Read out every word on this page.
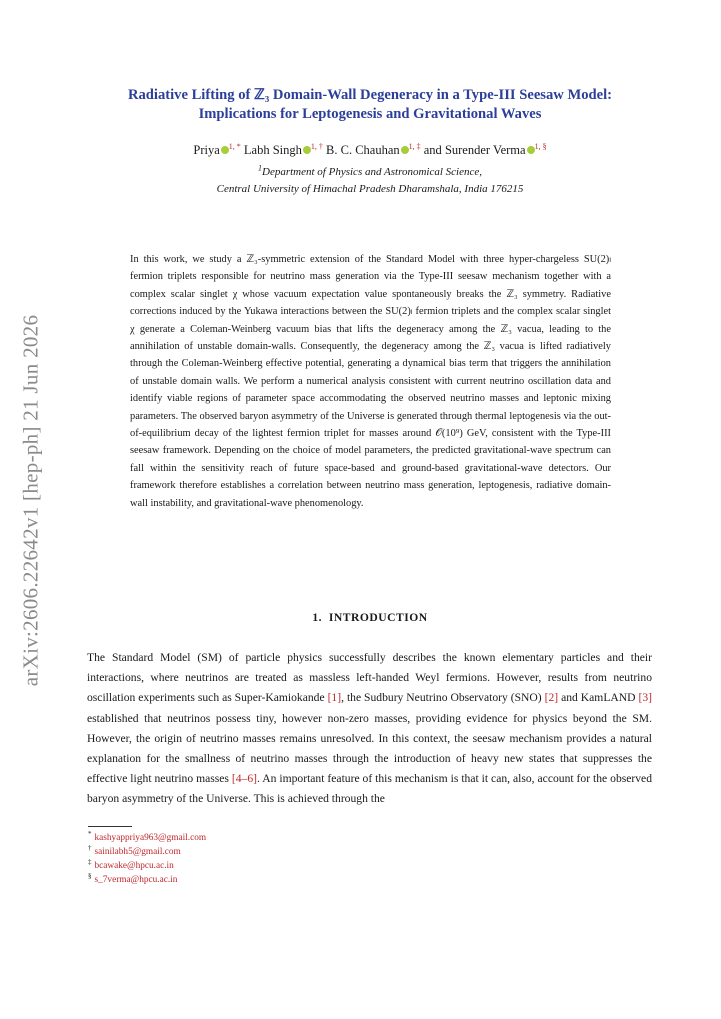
arXiv:2606.22642v1 [hep-ph] 21 Jun 2026
Radiative Lifting of ℤ₃ Domain-Wall Degeneracy in a Type-III Seesaw Model:
Implications for Leptogenesis and Gravitational Waves
Priya $^{1, *}$ Labh Singh $^{1, \dagger}$ B. C. Chauhan $^{1, \ddagger}$ and Surender Verma $^{1, \S}$
$^1$Department of Physics and Astronomical Science,
Central University of Himachal Pradesh Dharamshala, India 176215
In this work, we study a ℤ₃-symmetric extension of the Standard Model with three hyper-chargeless SU(2)ₗ fermion triplets responsible for neutrino mass generation via the Type-III seesaw mechanism together with a complex scalar singlet χ whose vacuum expectation value spontaneously breaks the ℤ₃ symmetry. Radiative corrections induced by the Yukawa interactions between the SU(2)ₗ fermion triplets and the complex scalar singlet χ generate a Coleman-Weinberg vacuum bias that lifts the degeneracy among the ℤ₃ vacua, leading to the annihilation of unstable domain-walls. Consequently, the degeneracy among the ℤ₃ vacua is lifted radiatively through the Coleman-Weinberg effective potential, generating a dynamical bias term that triggers the annihilation of unstable domain walls. We perform a numerical analysis consistent with current neutrino oscillation data and identify viable regions of parameter space accommodating the observed neutrino masses and leptonic mixing parameters. The observed baryon asymmetry of the Universe is generated through thermal leptogenesis via the out-of-equilibrium decay of the lightest fermion triplet for masses around 𝒪(10⁹) GeV, consistent with the Type-III seesaw framework. Depending on the choice of model parameters, the predicted gravitational-wave spectrum can fall within the sensitivity reach of future space-based and ground-based gravitational-wave detectors. Our framework therefore establishes a correlation between neutrino mass generation, leptogenesis, radiative domain-wall instability, and gravitational-wave phenomenology.
1. INTRODUCTION
The Standard Model (SM) of particle physics successfully describes the known elementary particles and their interactions, where neutrinos are treated as massless left-handed Weyl fermions. However, results from neutrino oscillation experiments such as Super-Kamiokande [1], the Sudbury Neutrino Observatory (SNO) [2] and KamLAND [3] established that neutrinos possess tiny, however non-zero masses, providing evidence for physics beyond the SM. However, the origin of neutrino masses remains unresolved. In this context, the seesaw mechanism provides a natural explanation for the smallness of neutrino masses through the introduction of heavy new states that suppresses the effective light neutrino masses [4–6]. An important feature of this mechanism is that it can, also, account for the observed baryon asymmetry of the Universe. This is achieved through the
* kashyappriya963@gmail.com
† sainilabh5@gmail.com
‡ bcawake@hpcu.ac.in
§ s_7verma@hpcu.ac.in
